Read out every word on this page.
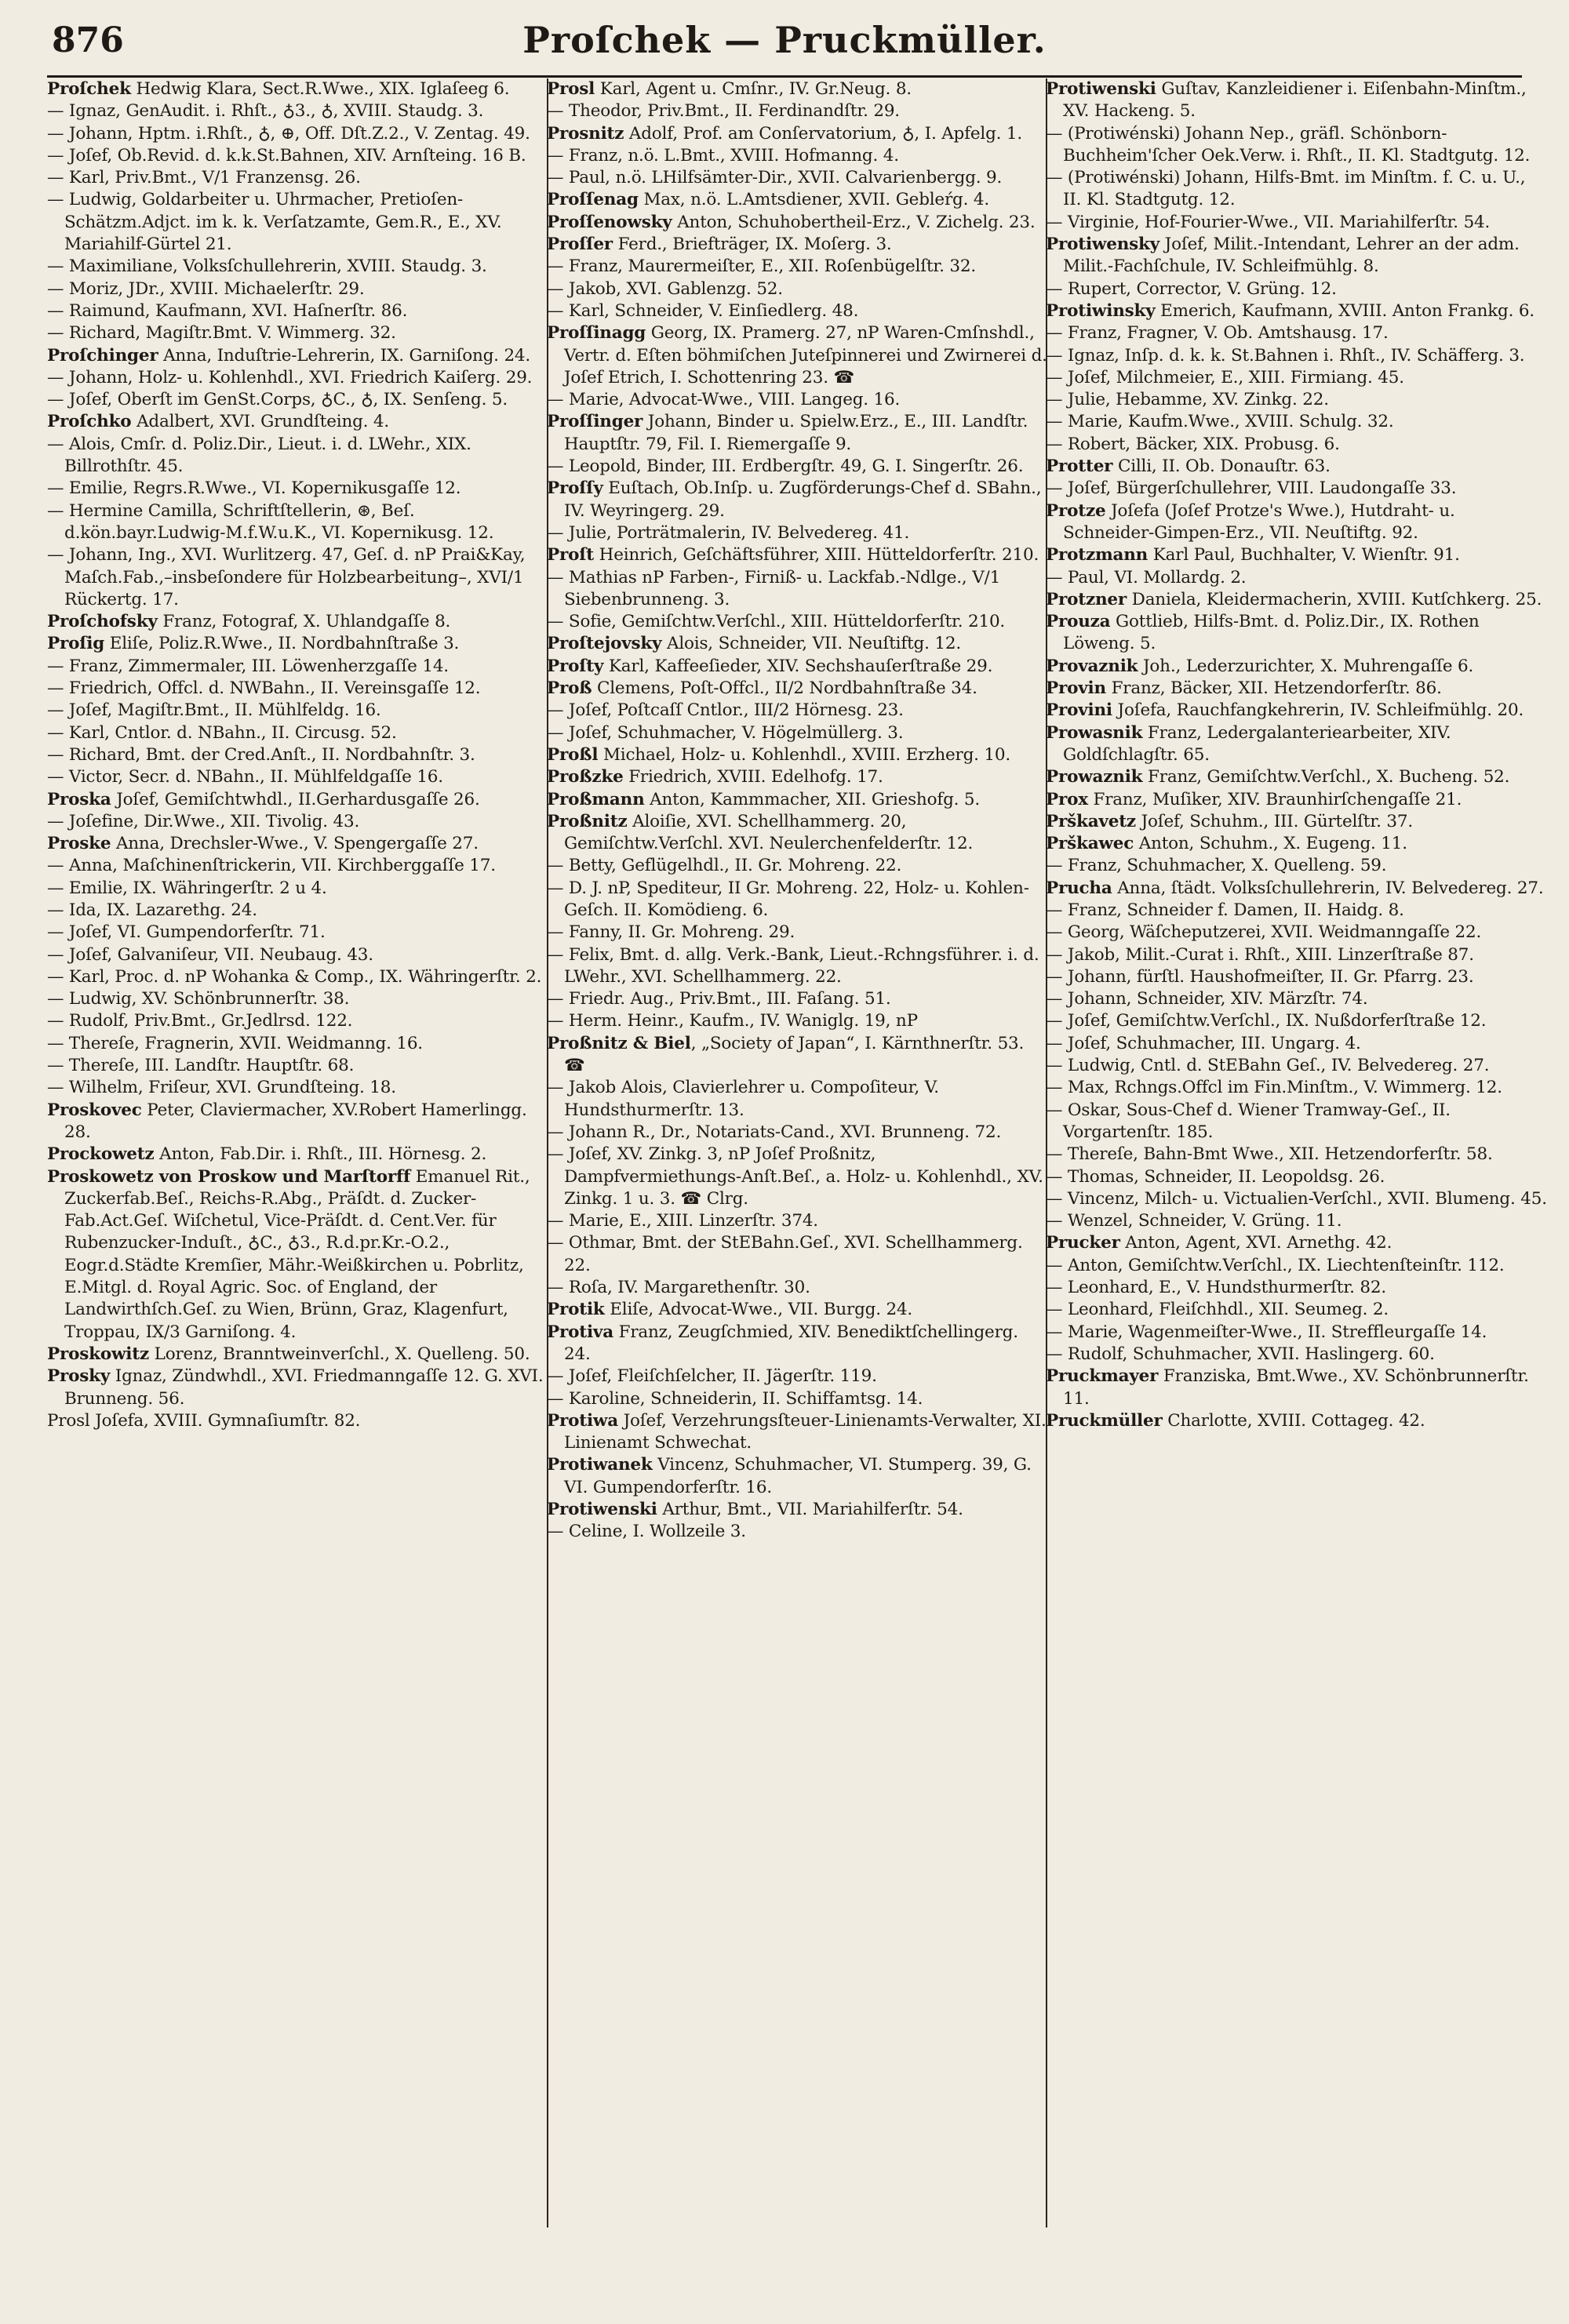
876	Proſchek — Pruckmüller.

Proſchek Hedwig Klara, Sect.R.Wwe., XIX. Iglaſeeg 6.

— Ignaz, GenAudit. i. Rhſt., ♁3., ♁, XVIII. Staudg. 3.

— Johann, Hptm. i.Rhſt., ♁, ⊕, Off. Dſt.Z.2., V. Zentag. 49.

— Joſef, Ob.Revid. d. k.k.St.Bahnen, XIV. Arnſteing. 16 B.

— Karl, Priv.Bmt., V/1 Franzensg. 26.

— Ludwig, Goldarbeiter u. Uhrmacher, Pretioſen-Schätzm.Adjct. im k. k. Verſatzamte, Gem.R., E., XV. Mariahilf-Gürtel 21.

— Maximiliane, Volksſchullehrerin, XVIII. Staudg. 3.

— Moriz, JDr., XVIII. Michaelerſtr. 29.

— Raimund, Kaufmann, XVI. Haſnerſtr. 86.

— Richard, Magiſtr.Bmt. V. Wimmerg. 32.

Proſchinger Anna, Induſtrie-Lehrerin, IX. Garniſong. 24.

— Johann, Holz- u. Kohlenhdl., XVI. Friedrich Kaiſerg. 29.

— Joſef, Oberſt im GenSt.Corps, ♁C., ♁, IX. Senſeng. 5.

Proſchko Adalbert, XVI. Grundſteing. 4.

— Alois, Cmſr. d. Poliz.Dir., Lieut. i. d. LWehr., XIX. Billrothſtr. 45.

— Emilie, Regrs.R.Wwe., VI. Kopernikusgaſſe 12.

— Hermine Camilla, Schriftſtellerin, ⊛, Beſ. d.kön.bayr.Ludwig-M.f.W.u.K., VI. Kopernikusg. 12.

— Johann, Ing., XVI. Wurlitzerg. 47, Geſ. d. nP Prai&Kay, Maſch.Fab.,–insbeſondere für Holzbearbeitung–, XVI/1 Rückertg. 17.

Proſchofsky Franz, Fotograf, X. Uhlandgaſſe 8.

Proſig Eliſe, Poliz.R.Wwe., II. Nordbahnſtraße 3.

— Franz, Zimmermaler, III. Löwenherzgaſſe 14.

— Friedrich, Offcl. d. NWBahn., II. Vereinsgaſſe 12.

— Joſef, Magiſtr.Bmt., II. Mühlfeldg. 16.

— Karl, Cntlor. d. NBahn., II. Circusg. 52.

— Richard, Bmt. der Cred.Anſt., II. Nordbahnſtr. 3.

— Victor, Secr. d. NBahn., II. Mühlfeldgaſſe 16.

Proska Joſef, Gemiſchtwhdl., II.Gerhardusgaſſe 26.

— Joſefine, Dir.Wwe., XII. Tivolig. 43.

Proske Anna, Drechsler-Wwe., V. Spengergaſſe 27.

— Anna, Maſchinenſtrickerin, VII. Kirchberggaſſe 17.

— Emilie, IX. Währingerſtr. 2 u 4.

— Ida, IX. Lazarethg. 24.

— Joſef, VI. Gumpendorferſtr. 71.

— Joſef, Galvaniſeur, VII. Neubaug. 43.

— Karl, Proc. d. nP Wohanka & Comp., IX. Währingerſtr. 2.

— Ludwig, XV. Schönbrunnerſtr. 38.

— Rudolf, Priv.Bmt., Gr.Jedlrsd. 122.

— Thereſe, Fragnerin, XVII. Weidmanng. 16.

— Thereſe, III. Landſtr. Hauptſtr. 68.

— Wilhelm, Friſeur, XVI. Grundſteing. 18.

Proskovec Peter, Claviermacher, XV.Robert Hamerlingg. 28.

Prockowetz Anton, Fab.Dir. i. Rhſt., III. Hörnesg. 2.

Proskowetz von Proskow und Marſtorff Emanuel Rit., Zuckerfab.Beſ., Reichs-R.Abg., Präſdt. d. Zucker-Fab.Act.Geſ. Wiſchetul, Vice-Präſdt. d. Cent.Ver. für Rubenzucker-Induſt., ♁C., ♁3., R.d.pr.Kr.-O.2., Eogr.d.Städte Kremſier, Mähr.-Weißkirchen u. Pobrlitz, E.Mitgl. d. Royal Agric. Soc. of England, der Landwirthſch.Geſ. zu Wien, Brünn, Graz, Klagenfurt, Troppau, IX/3 Garniſong. 4.

Proskowitz Lorenz, Branntweinverſchl., X. Quelleng. 50.

Prosky Ignaz, Zündwhdl., XVI. Friedmanngaſſe 12. G. XVI. Brunneng. 56.

Prosl Joſefa, XVIII. Gymnaſiumſtr. 82.

Prosl Karl, Agent u. Cmſnr., IV. Gr.Neug. 8.

— Theodor, Priv.Bmt., II. Ferdinandſtr. 29.

Prosnitz Adolf, Prof. am Conſervatorium, ♁, I. Apfelg. 1.

— Franz, n.ö. L.Bmt., XVIII. Hofmanng. 4.

— Paul, n.ö. LHilfsämter-Dir., XVII. Calvarienbergg. 9.

Proſſenag Max, n.ö. L.Amtsdiener, XVII. Gebleŕg. 4.

Proſſenowsky Anton, Schuhobertheil-Erz., V. Zichelg. 23.

Proſſer Ferd., Briefträger, IX. Moſerg. 3.

— Franz, Maurermeiſter, E., XII. Roſenbügelſtr. 32.

— Jakob, XVI. Gablenzg. 52.

— Karl, Schneider, V. Einſiedlerg. 48.

Proſſinagg Georg, IX. Pramerg. 27, nP Waren-Cmſnshdl., Vertr. d. Eſten böhmiſchen Juteſpinnerei und Zwirnerei d. Joſef Etrich, I. Schottenring 23. ☎

— Marie, Advocat-Wwe., VIII. Langeg. 16.

Proſſinger Johann, Binder u. Spielw.Erz., E., III. Landſtr. Hauptſtr. 79, Fil. I. Riemergaſſe 9.

— Leopold, Binder, III. Erdbergſtr. 49, G. I. Singerſtr. 26.

Proſſy Euſtach, Ob.Inſp. u. Zugförderungs-Chef d. SBahn., IV. Weyringerg. 29.

— Julie, Porträtmalerin, IV. Belvedereg. 41.

Proſt Heinrich, Geſchäftsführer, XIII. Hütteldorferſtr. 210.

— Mathias nP Farben-, Firniß- u. Lackfab.-Ndlge., V/1 Siebenbrunneng. 3.

— Sofie, Gemiſchtw.Verſchl., XIII. Hütteldorferſtr. 210.

Proſtejovsky Alois, Schneider, VII. Neuſtiftg. 12.

Proſty Karl, Kaffeeſieder, XIV. Sechshauſerſtraße 29.

Proß Clemens, Poſt-Offcl., II/2 Nordbahnſtraße 34.

— Joſef, Poſtcaſſ Cntlor., III/2 Hörnesg. 23.

— Joſef, Schuhmacher, V. Högelmüllerg. 3.

Proßl Michael, Holz- u. Kohlenhdl., XVIII. Erzherg. 10.

Proßzke Friedrich, XVIII. Edelhofg. 17.

Proßmann Anton, Kammmacher, XII. Grieshofg. 5.

Proßnitz Aloiſie, XVI. Schellhammerg. 20, Gemiſchtw.Verſchl. XVI. Neulerchenfelderſtr. 12.

— Betty, Geflügelhdl., II. Gr. Mohreng. 22.

— D. J. nP, Spediteur, II Gr. Mohreng. 22, Holz- u. Kohlen-Geſch. II. Komödieng. 6.

— Fanny, II. Gr. Mohreng. 29.

— Felix, Bmt. d. allg. Verk.-Bank, Lieut.-Rchngsführer. i. d. LWehr., XVI. Schellhammerg. 22.

— Friedr. Aug., Priv.Bmt., III. Faſang. 51.

— Herm. Heinr., Kaufm., IV. Waniglg. 19, nP

Proßnitz & Biel, „Society of Japan“, I. Kärnthnerſtr. 53. ☎

— Jakob Alois, Clavierlehrer u. Compoſiteur, V. Hundsthurmerſtr. 13.

— Johann R., Dr., Notariats-Cand., XVI. Brunneng. 72.

— Joſef, XV. Zinkg. 3, nP Joſef Proßnitz, Dampfvermiethungs-Anſt.Beſ., a. Holz- u. Kohlenhdl., XV. Zinkg. 1 u. 3. ☎ Clrg.

— Marie, E., XIII. Linzerſtr. 374.

— Othmar, Bmt. der StEBahn.Geſ., XVI. Schellhammerg. 22.

— Roſa, IV. Margarethenſtr. 30.

Protik Eliſe, Advocat-Wwe., VII. Burgg. 24.

Protiva Franz, Zeugſchmied, XIV. Benediktſchellingerg. 24.

— Joſef, Fleiſchſelcher, II. Jägerſtr. 119.

— Karoline, Schneiderin, II. Schiffamtsg. 14.

Protiwa Joſef, Verzehrungsſteuer-Linienamts-Verwalter, XI. Linienamt Schwechat.

Protiwanek Vincenz, Schuhmacher, VI. Stumperg. 39, G. VI. Gumpendorferſtr. 16.

Protiwenski Arthur, Bmt., VII. Mariahilferſtr. 54.

— Celine, I. Wollzeile 3.

Protiwenski Guſtav, Kanzleidiener i. Eiſenbahn-Minſtm., XV. Hackeng. 5.

— (Protiwénski) Johann Nep., gräfl. Schönborn-Buchheim'ſcher Oek.Verw. i. Rhſt., II. Kl. Stadtgutg. 12.

— (Protiwénski) Johann, Hilfs-Bmt. im Minſtm. f. C. u. U., II. Kl. Stadtgutg. 12.

— Virginie, Hof-Fourier-Wwe., VII. Mariahilferſtr. 54.

Protiwensky Joſef, Milit.-Intendant, Lehrer an der adm. Milit.-Fachſchule, IV. Schleifmühlg. 8.

— Rupert, Corrector, V. Grüng. 12.

Protiwinsky Emerich, Kaufmann, XVIII. Anton Frankg. 6.

— Franz, Fragner, V. Ob. Amtshausg. 17.

— Ignaz, Inſp. d. k. k. St.Bahnen i. Rhſt., IV. Schäfferg. 3.

— Joſef, Milchmeier, E., XIII. Firmiang. 45.

— Julie, Hebamme, XV. Zinkg. 22.

— Marie, Kaufm.Wwe., XVIII. Schulg. 32.

— Robert, Bäcker, XIX. Probusg. 6.

Protter Cilli, II. Ob. Donauſtr. 63.

— Joſef, Bürgerſchullehrer, VIII. Laudongaſſe 33.

Protze Joſefa (Joſef Protze's Wwe.), Hutdraht- u. Schneider-Gimpen-Erz., VII. Neuſtiftg. 92.

Protzmann Karl Paul, Buchhalter, V. Wienſtr. 91.

— Paul, VI. Mollardg. 2.

Protzner Daniela, Kleidermacherin, XVIII. Kutſchkerg. 25.

Prouza Gottlieb, Hilfs-Bmt. d. Poliz.Dir., IX. Rothen Löweng. 5.

Provaznik Joh., Lederzurichter, X. Muhrengaſſe 6.

Provin Franz, Bäcker, XII. Hetzendorferſtr. 86.

Provini Joſefa, Rauchfangkehrerin, IV. Schleifmühlg. 20.

Prowasnik Franz, Ledergalanteriearbeiter, XIV. Goldſchlagſtr. 65.

Prowaznik Franz, Gemiſchtw.Verſchl., X. Bucheng. 52.

Prox Franz, Muſiker, XIV. Braunhirſchengaſſe 21.

Prškavetz Joſef, Schuhm., III. Gürtelſtr. 37.

Prškawec Anton, Schuhm., X. Eugeng. 11.

— Franz, Schuhmacher, X. Quelleng. 59.

Prucha Anna, ſtädt. Volksſchullehrerin, IV. Belvedereg. 27.

— Franz, Schneider f. Damen, II. Haidg. 8.

— Georg, Wäſcheputzerei, XVII. Weidmanngaſſe 22.

— Jakob, Milit.-Curat i. Rhſt., XIII. Linzerſtraße 87.

— Johann, fürſtl. Haushofmeiſter, II. Gr. Pfarrg. 23.

— Johann, Schneider, XIV. Märzſtr. 74.

— Joſef, Gemiſchtw.Verſchl., IX. Nußdorferſtraße 12.

— Joſef, Schuhmacher, III. Ungarg. 4.

— Ludwig, Cntl. d. StEBahn Geſ., IV. Belvedereg. 27.

— Max, Rchngs.Offcl im Fin.Minſtm., V. Wimmerg. 12.

— Oskar, Sous-Chef d. Wiener Tramway-Geſ., II. Vorgartenſtr. 185.

— Thereſe, Bahn-Bmt Wwe., XII. Hetzendorferſtr. 58.

— Thomas, Schneider, II. Leopoldsg. 26.

— Vincenz, Milch- u. Victualien-Verſchl., XVII. Blumeng. 45.

— Wenzel, Schneider, V. Grüng. 11.

Prucker Anton, Agent, XVI. Arnethg. 42.

— Anton, Gemiſchtw.Verſchl., IX. Liechtenſteinſtr. 112.

— Leonhard, E., V. Hundsthurmerſtr. 82.

— Leonhard, Fleiſchhdl., XII. Seumeg. 2.

— Marie, Wagenmeiſter-Wwe., II. Streffleurgaſſe 14.

— Rudolf, Schuhmacher, XVII. Haslingerg. 60.

Pruckmayer Franziska, Bmt.Wwe., XV. Schönbrunnerſtr. 11.

Pruckmüller Charlotte, XVIII. Cottageg. 42.
